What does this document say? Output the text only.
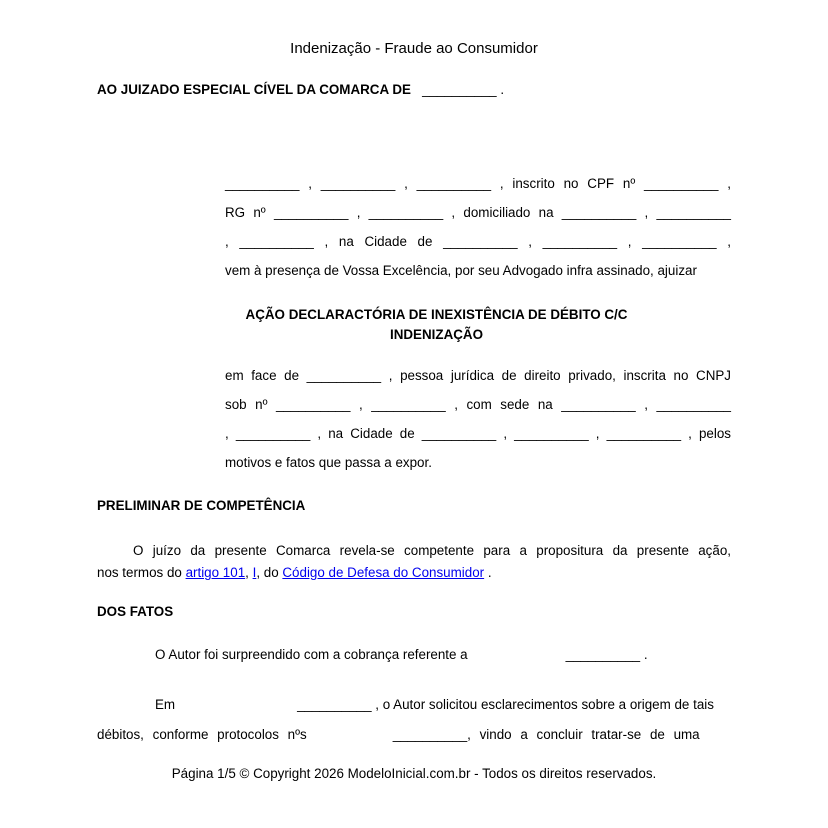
Indenização - Fraude ao Consumidor
AO JUIZADO ESPECIAL CÍVEL DA COMARCA DE   __________ .
__________ , __________ , __________ , inscrito no CPF nº __________ ,
RG nº __________ , __________ , domiciliado na __________ , __________
, __________ , na Cidade de __________ , __________ , __________ ,
vem à presença de Vossa Excelência, por seu Advogado infra assinado, ajuizar
AÇÃO DECLARACTÓRIA DE INEXISTÊNCIA DE DÉBITO C/C
INDENIZAÇÃO
em face de __________ , pessoa jurídica de direito privado, inscrita no CNPJ
sob nº __________ , __________ , com sede na __________ , __________
, __________ , na Cidade de __________ , __________ , __________ , pelos
motivos e fatos que passa a expor.
PRELIMINAR DE COMPETÊNCIA
O juízo da presente Comarca revela-se competente para a propositura da presente ação,
nos termos do artigo 101, I, do Código de Defesa do Consumidor .
DOS FATOS
O Autor foi surpreendido com a cobrança referente a	__________ .
Em	__________ , o Autor solicitou esclarecimentos sobre a origem de tais
débitos, conforme protocolos nºs	__________, vindo a concluir tratar-se de uma
Página 1/5 © Copyright 2026 ModeloInicial.com.br - Todos os direitos reservados.
